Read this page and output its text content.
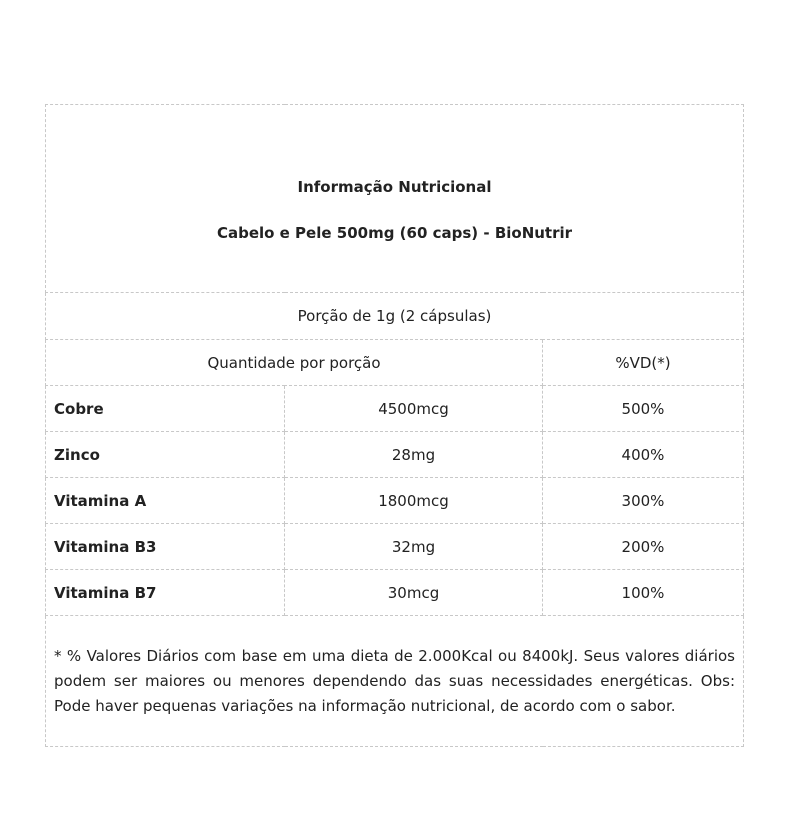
Informação Nutricional
Cabelo e Pele 500mg (60 caps) - BioNutrir		

Porção de 1g (2 cápsulas)		
Quantidade por porção		%VD(*)
Cobre	4500mcg	500%
Zinco	28mg	400%
Vitamina A	1800mcg	300%
Vitamina B3	32mg	200%
Vitamina B7	30mcg	100%
* % Valores Diários com base em uma dieta de 2.000Kcal ou 8400kJ. Seus valores diários podem ser maiores ou menores dependendo das suas necessidades energéticas. Obs: Pode haver pequenas variações na informação nutricional, de acordo com o sabor.		
